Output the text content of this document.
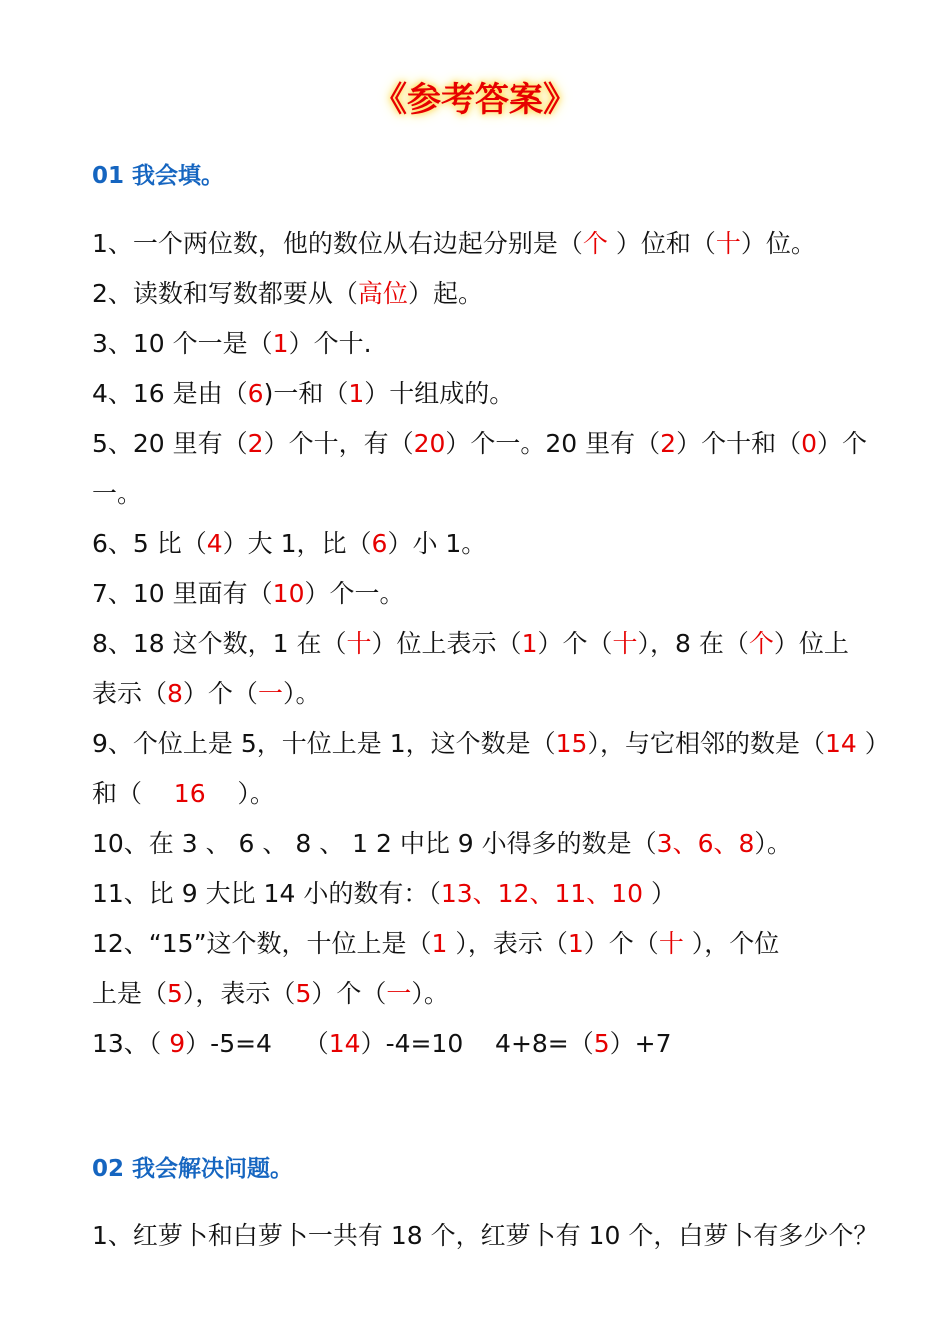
《参考答案》
01 我会填。
1、一个两位数，他的数位从右边起分别是（个 ）位和（十）位。
2、读数和写数都要从（高位）起。
3、10 个一是（1）个十.
4、16 是由（6)一和（1）十组成的。
5、20 里有（2）个十，有（20）个一。20 里有（2）个十和（0）个
一。
6、5 比（4）大 1，比（6）小 1。
7、10 里面有（10）个一。
8、18 这个数，1 在（十）位上表示（1）个（十），8 在（个）位上
表示（8）个（一）。
9、个位上是 5，十位上是 1，这个数是（15），与它相邻的数是（14 ）
和（    16    ）。
10、在 3 、 6 、 8 、 1 2 中比 9 小得多的数是（3、6、8）。
11、比 9 大比 14 小的数有：（13、12、11、10 ）
12、“15”这个数，十位上是（1 ），表示（1）个（十 ），个位
上是（5），表示（5）个（一）。
13、（ 9）-5=4    （14）-4=10    4+8=（5）+7
02 我会解决问题。
1、红萝卜和白萝卜一共有 18 个，红萝卜有 10 个，白萝卜有多少个？
